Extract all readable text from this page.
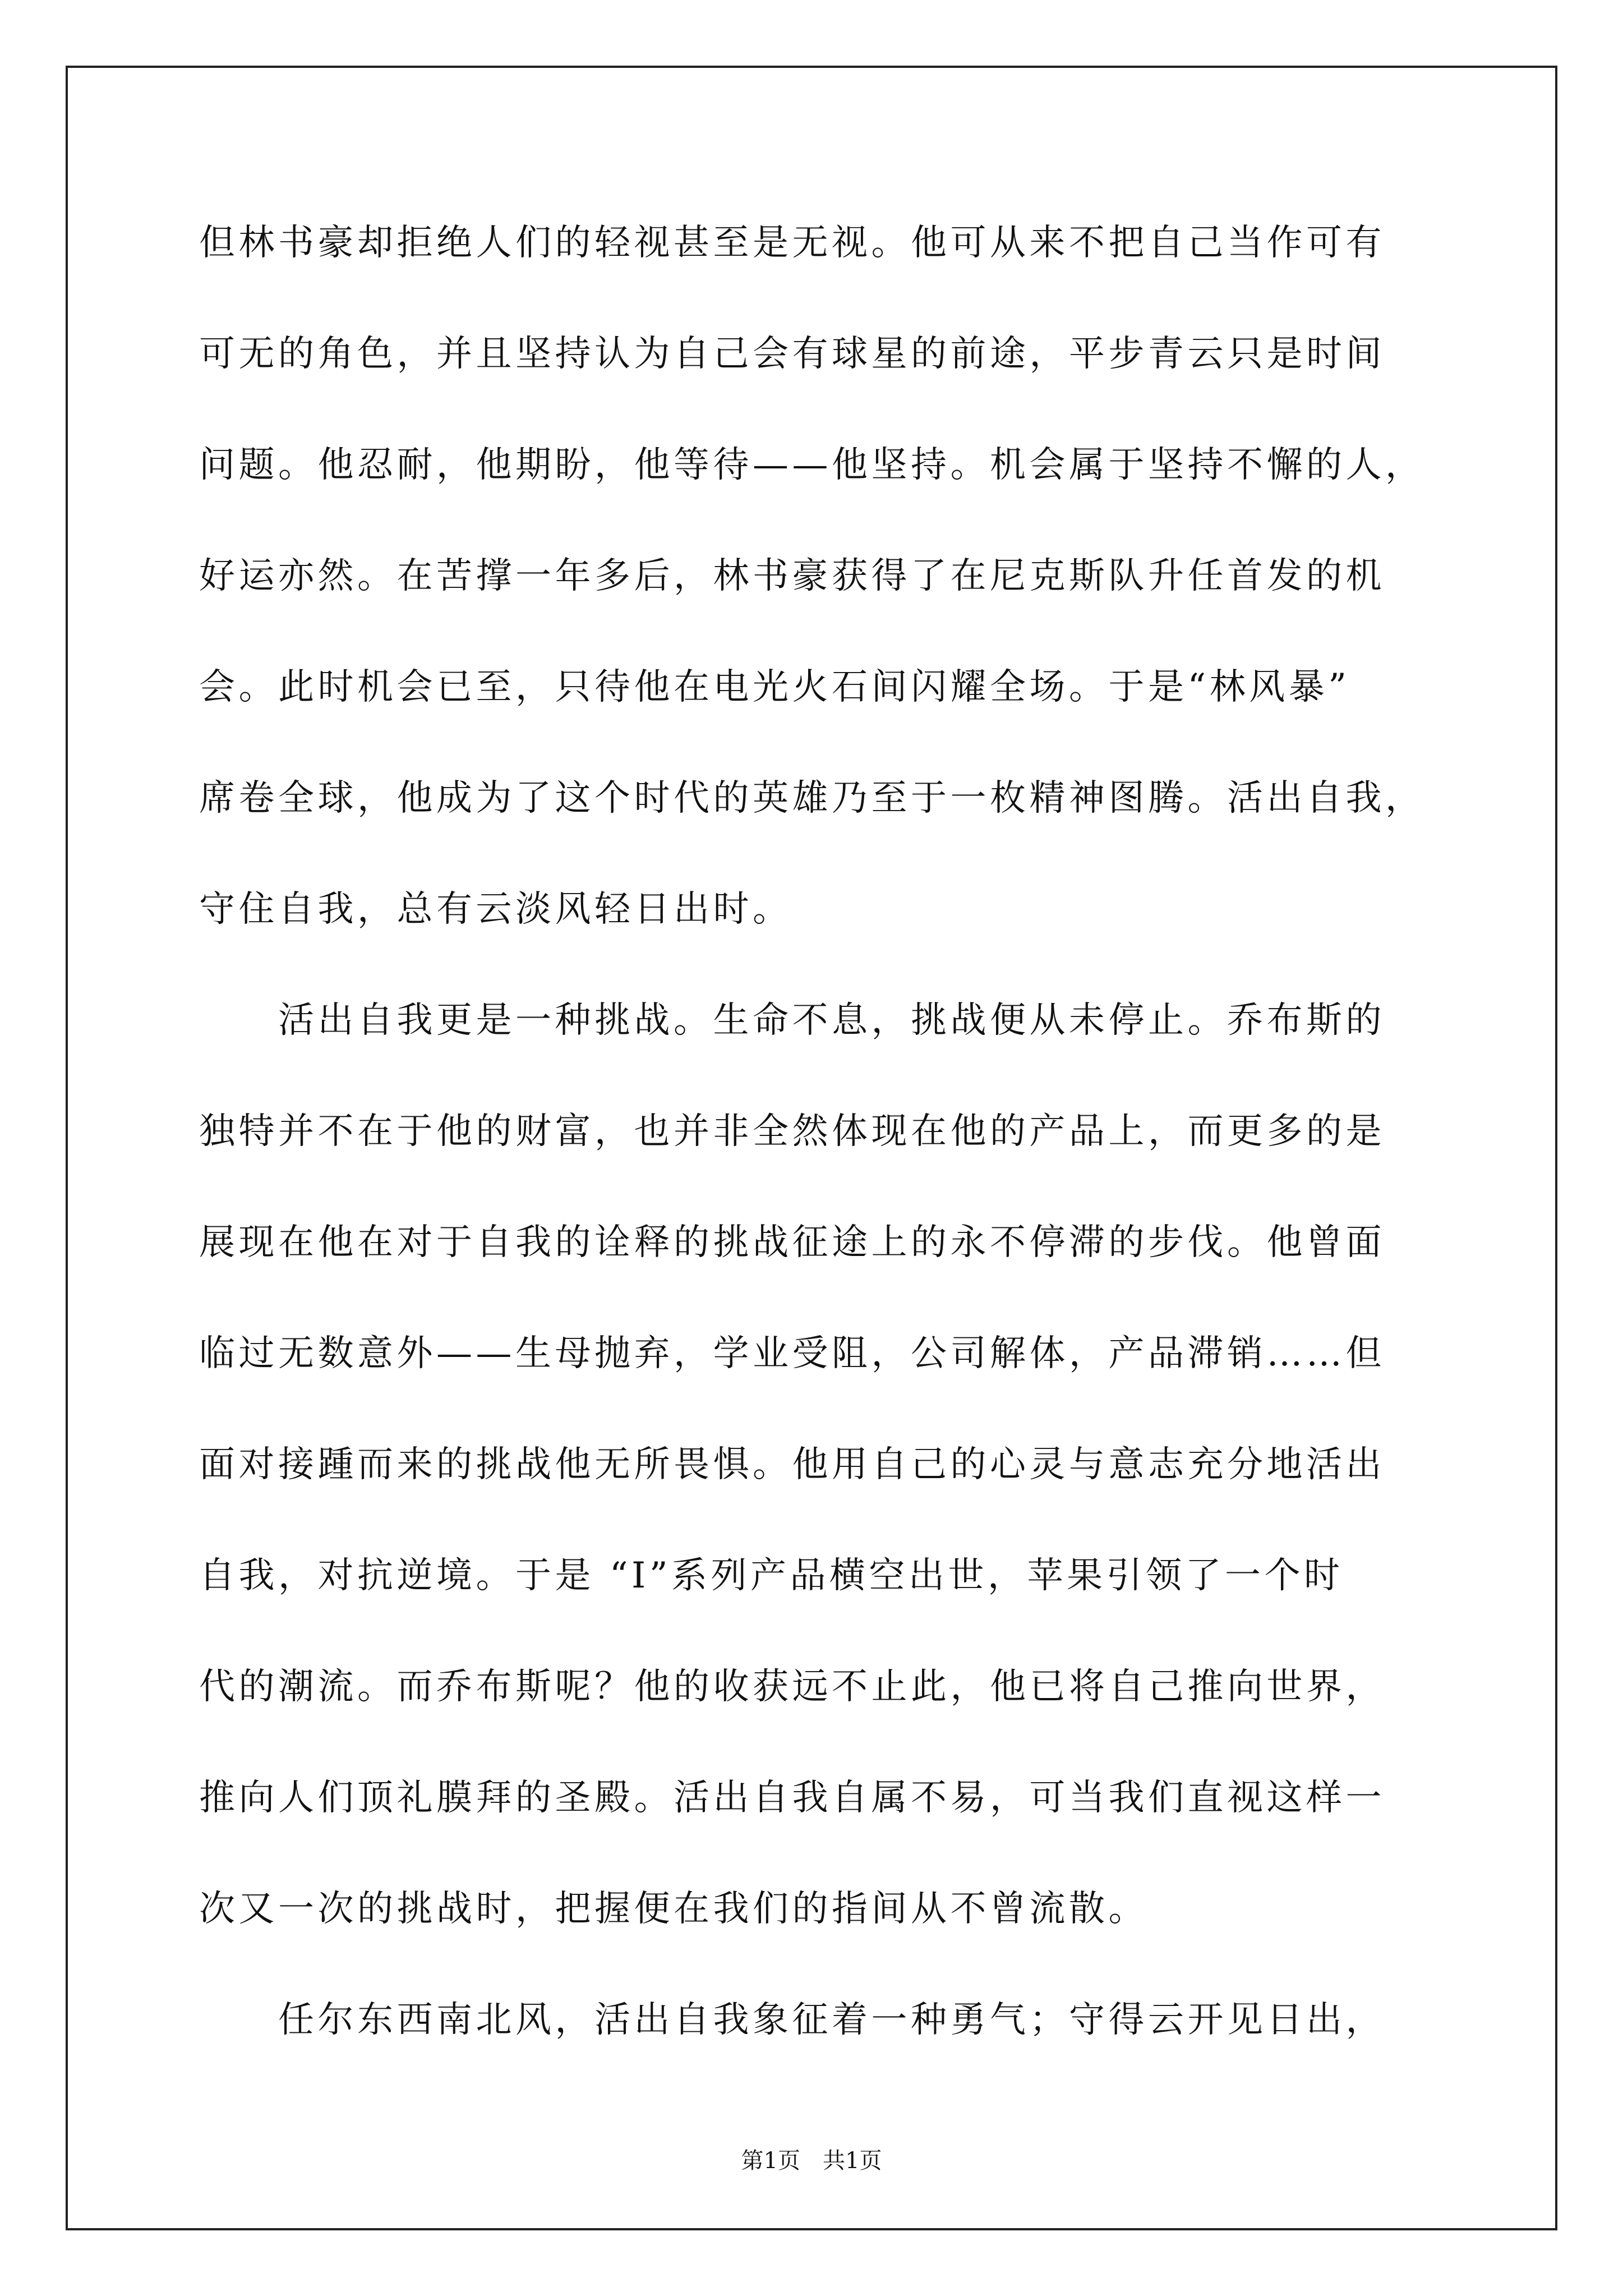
但林书豪却拒绝人们的轻视甚至是无视。他可从来不把自己当作可有
可无的角色，并且坚持认为自己会有球星的前途，平步青云只是时间
问题。他忍耐，他期盼，他等待——他坚持。机会属于坚持不懈的人，
好运亦然。在苦撑一年多后，林书豪获得了在尼克斯队升任首发的机
会。此时机会已至，只待他在电光火石间闪耀全场。于是“林风暴”
席卷全球，他成为了这个时代的英雄乃至于一枚精神图腾。活出自我，
守住自我，总有云淡风轻日出时。
　　活出自我更是一种挑战。生命不息，挑战便从未停止。乔布斯的
独特并不在于他的财富，也并非全然体现在他的产品上，而更多的是
展现在他在对于自我的诠释的挑战征途上的永不停滞的步伐。他曾面
临过无数意外——生母抛弃，学业受阻，公司解体，产品滞销……但
面对接踵而来的挑战他无所畏惧。他用自己的心灵与意志充分地活出
自我，对抗逆境。于是 “I”系列产品横空出世，苹果引领了一个时
代的潮流。而乔布斯呢？他的收获远不止此，他已将自己推向世界，
推向人们顶礼膜拜的圣殿。活出自我自属不易，可当我们直视这样一
次又一次的挑战时，把握便在我们的指间从不曾流散。
　　任尔东西南北风，活出自我象征着一种勇气；守得云开见日出，
第1页　共1页
